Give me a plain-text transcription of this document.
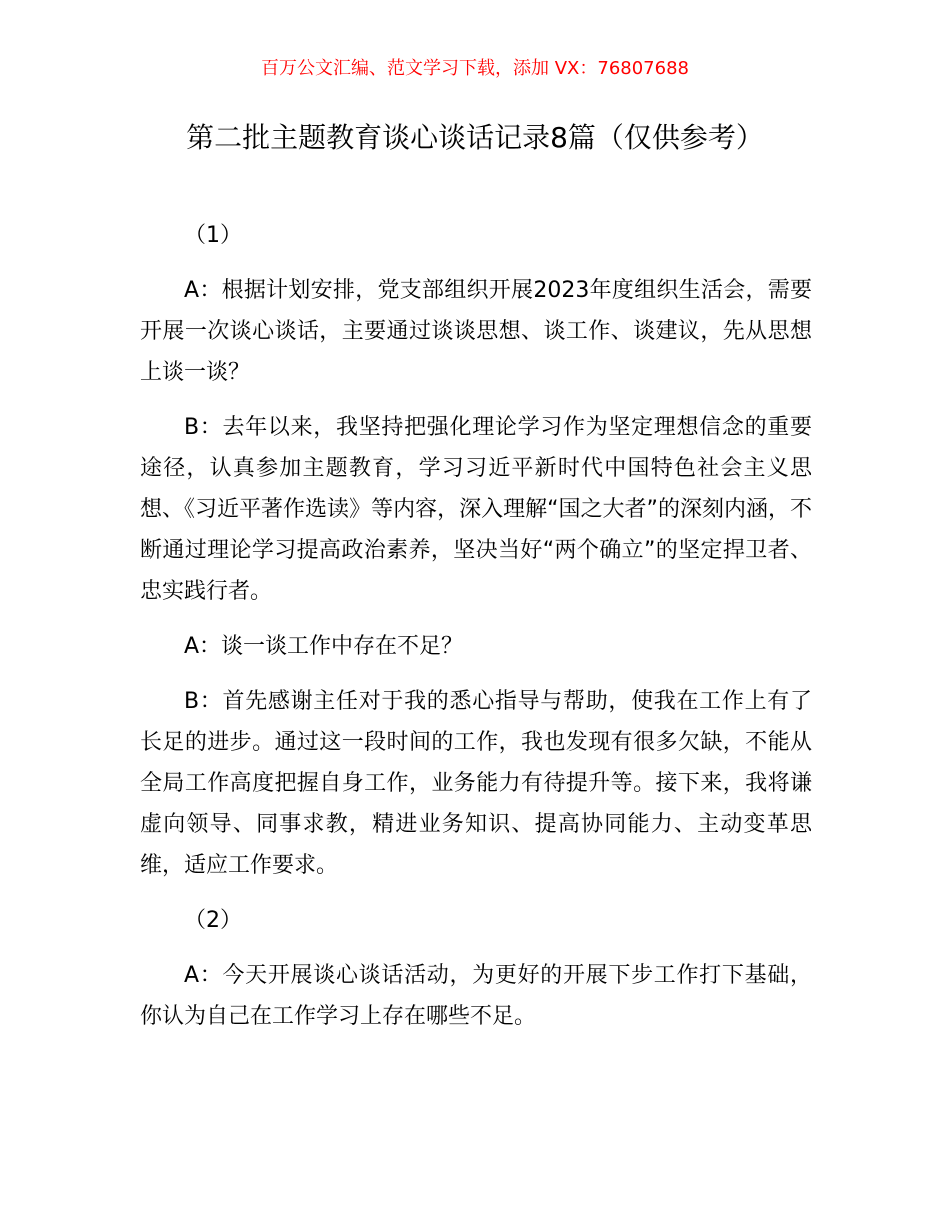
百万公文汇编、范文学习下载，添加 VX：76807688
第二批主题教育谈心谈话记录8篇（仅供参考）
（1）

A：根据计划安排，党支部组织开展2023年度组织生活会，需要开展一次谈心谈话，主要通过谈谈思想、谈工作、谈建议，先从思想上谈一谈？

B：去年以来，我坚持把强化理论学习作为坚定理想信念的重要途径，认真参加主题教育，学习习近平新时代中国特色社会主义思想、《习近平著作选读》等内容，深入理解“国之大者”的深刻内涵，不断通过理论学习提高政治素养，坚决当好“两个确立”的坚定捍卫者、忠实践行者。

A：谈一谈工作中存在不足？

B：首先感谢主任对于我的悉心指导与帮助，使我在工作上有了长足的进步。通过这一段时间的工作，我也发现有很多欠缺，不能从全局工作高度把握自身工作，业务能力有待提升等。接下来，我将谦虚向领导、同事求教，精进业务知识、提高协同能力、主动变革思维，适应工作要求。

（2）

A：今天开展谈心谈话活动，为更好的开展下步工作打下基础，你认为自己在工作学习上存在哪些不足。
